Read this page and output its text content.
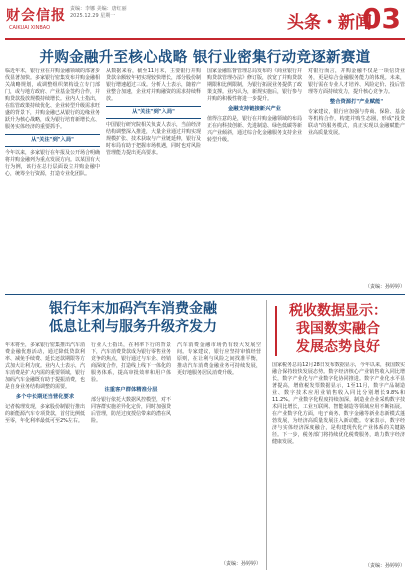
财会信报
CAIKUAI XINBAO
责编：李娜 美编：唐红丽
2025.12.29 星期一	头条・新闻
03
并购金融升至核心战略 银行业密集行动竞逐新赛道
临近年末，银行业在并购金融领域的部署步伐显著加快。多家银行密集发布并购金融相关战略规划，或调整组织架构设立专门部门，或与地方政府、产业基金签约合作，并购贷款投放规模持续增长。业内人士指出，在监管政策持续优化、企业转型升级需求旺盛的背景下，并购金融已从银行的边缘业务跃升为核心战略，成为银行培育新增长点、服务实体经济的重要抓手。
从"关注"到"入局"
今年以来，多家银行在年报及公开场合明确将并购金融列为重点发展方向。以某国有大行为例，该行在总行层面设立并购金融中心，统筹全行资源，打造专业化团队。
从数据来看，截至11月末，主要银行并购贷款余额较年初实现较快增长，部分股份制银行增速超过三成。分析人士表示，随着产业整合加速，企业对并购融资的需求持续释放。
从"关注"到"入局"
中国银行研究院相关负责人表示，当前经济结构调整深入推进，大量企业通过并购实现规模扩张、技术获取与产业链延伸，银行及时布局有助于把握市场机遇，同时也对风险管理能力提出更高要求。
国家金融监督管理总局发布的《商业银行并购贷款管理办法》修订版，放宽了并购贷款期限和比例限制，为银行拓展业务提供了政策支撑。业内认为，新规实施后，银行参与并购的积极性将进一步提升。
金融支持链接新兴产业
值得注意的是，银行在并购金融领域的布局正在向科技创新、先进制造、绿色低碳等新兴产业倾斜，通过综合化金融服务支持企业转型升级。
对银行而言，并购金融不仅是一项信贷业务，更是综合金融服务能力的体现。未来，银行需在专业人才培养、风险定价、投后管理等方面持续发力，提升核心竞争力。
整合资源打"产业赋能"
专家建议，银行应加强与券商、保险、基金等机构合作，构建并购生态圈，形成"投贷联动"的服务模式，真正实现以金融赋能产业高质量发展。
（责编：孙婷婷）
银行年末加码汽车消费金融
低息让利与服务升级齐发力
年末将至，多家银行密集推出汽车消费金融优惠活动，通过降低贷款利率、减免手续费、延长还款期限等方式加大让利力度。业内人士表示，汽车消费是扩大内需的重要领域，银行加码汽车金融既有助于提振消费，也是自身业务结构调整的需要。
多个中长期还当营化要求
记者梳理发现，多家股份制银行推出的新能源汽车专项贷款，首付比例低至零，年化利率最低可至2%左右。
行业人士指出，在利率下行的背景下，汽车消费贷款成为银行零售业务竞争的焦点，银行通过与车企、经销商深度合作，打造线上线下一体化的服务体系，提高审批效率和用户体验。
注重客户群体精准分层
部分银行依托大数据风控模型，对不同客群实施差异化定价，同时加强贷后管理，防范过度授信带来的潜在风险。
汽车消费金融市场仍有较大发展空间。专家建议，银行应坚持审慎经营原则，在让利与风险之间找准平衡，推动汽车消费金融业务可持续发展，更好地服务居民消费升级。
（责编：孙婷婷）
税收数据显示：
我国数实融合
发展态势良好
国家税务总局12月28日发布数据显示，今年以来，我国数实融合保持较快发展态势。数字经济核心产业销售收入同比增长，数字产业化与产业数字化协同推进。数字产业化水平显著提高，增值税发票数据显示，1至11月，数字产品制造业、数字技术应用业销售收入同比分别增长9.8%和11.2%。产业数字化程度持续加深，制造业企业采购数字技术同比增长，工业互联网、智能制造等领域应用不断拓展。在产业数字化方面，电子商务、数字金融等新业态新模式蓬勃发展，为经济高质量发展注入新动能。专家表示，数字经济与实体经济深度融合，是构建现代化产业体系的关键路径。下一步，税务部门将持续优化税费服务，助力数字经济健康发展。
（责编：孙婷婷）
